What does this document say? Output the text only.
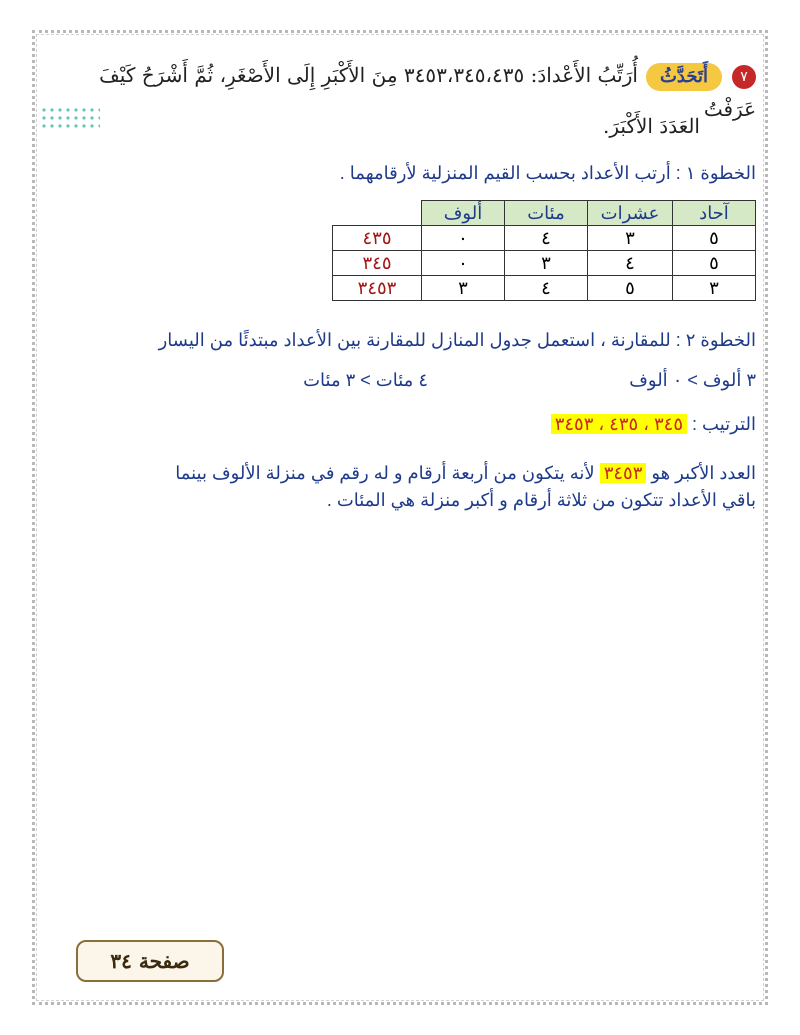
٧أَتَحَدَّثُأُرَتِّبُ الأَعْدادَ: ٣٤٥٣،٣٤٥،٤٣٥ مِنَ الأَكْبَرِ إِلَى الأَصْغَرِ، ثُمَّ أَشْرَحُ كَيْفَ عَرَفْتُ
العَدَدَ الأَكْبَرَ.
الخطوة ١ : أرتب الأعداد بحسب القيم المنزلية لأرقامهما .
آحاد	عشرات	مئات	ألوف	
٥	٣	٤	٠	٤٣٥
٥	٤	٣	٠	٣٤٥
٣	٥	٤	٣	٣٤٥٣
الخطوة ٢ : للمقارنة ، استعمل جدول المنازل للمقارنة بين الأعداد مبتدئًا من اليسار
٣ ألوف > ٠ ألوف
٤ مئات > ٣ مئات
الترتيب : ٣٤٥ ، ٤٣٥ ، ٣٤٥٣
العدد الأكبر هو ٣٤٥٣ لأنه يتكون من أربعة أرقام و له رقم في منزلة الألوف بينما
باقي الأعداد تتكون من ثلاثة أرقام و أكبر منزلة هي المئات .
صفحة ٣٤
